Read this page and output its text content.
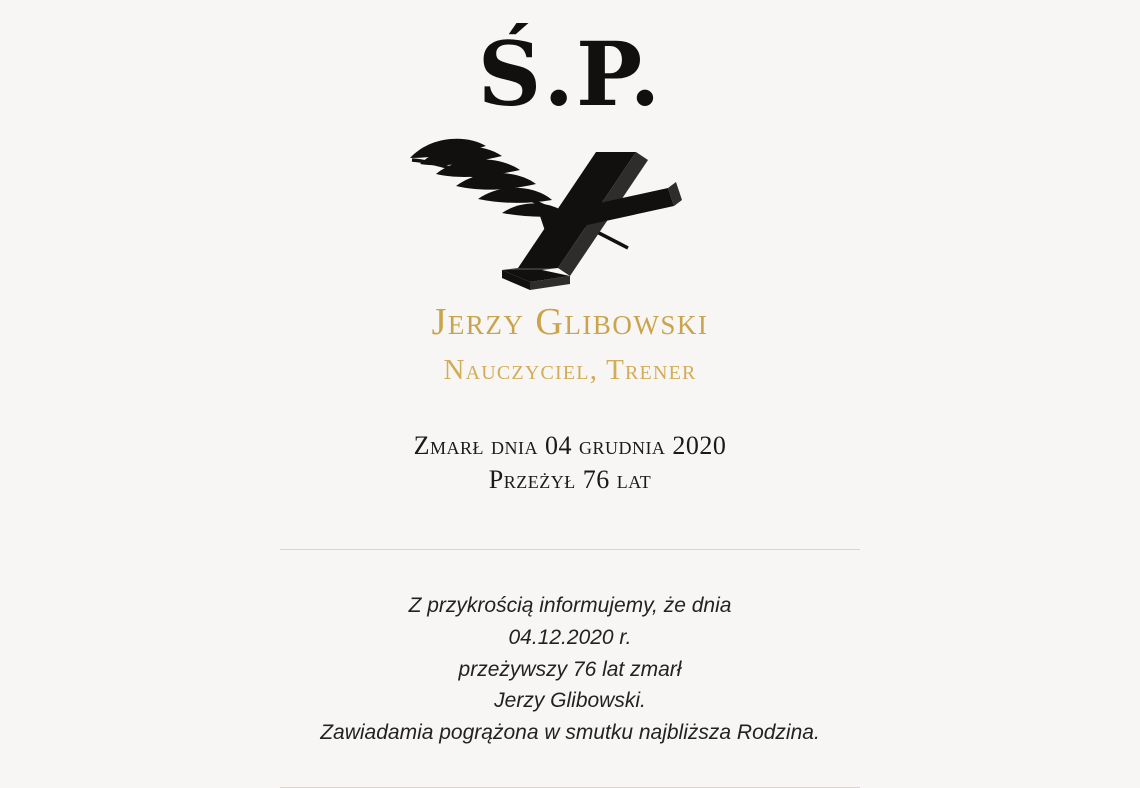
Ś.P.
Jerzy Glibowski
Nauczyciel, Trener
Zmarł dnia 04 grudnia 2020
Przeżył 76 lat
Z przykrością informujemy, że dnia
04.12.2020 r.
przeżywszy 76 lat zmarł
Jerzy Glibowski.
Zawiadamia pogrążona w smutku najbliższa Rodzina.
